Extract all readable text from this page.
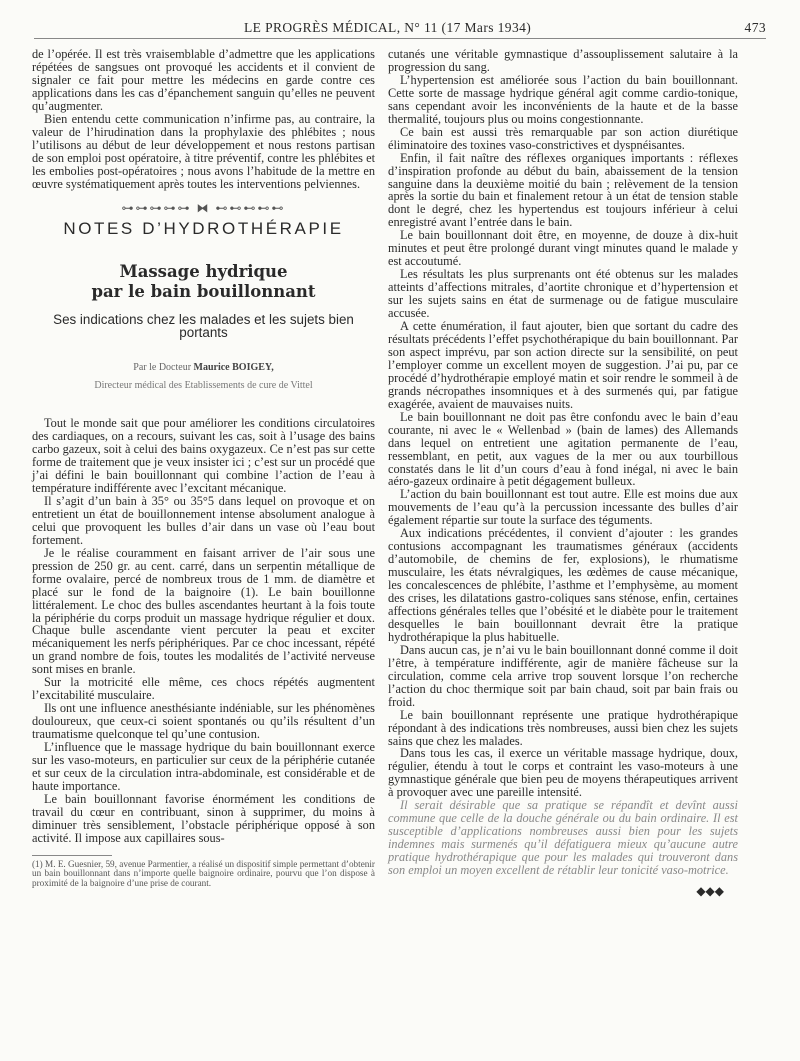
LE PROGRÈS MÉDICAL, N° 11 (17 Mars 1934)	473

de l’opérée. Il est très vraisemblable d’admettre que les applications répétées de sangsues ont provoqué les accidents et il convient de signaler ce fait pour mettre les médecins en garde contre ces applications dans les cas d’épanchement sanguin qu’elles ne peuvent qu’augmenter.

Bien entendu cette communication n’infirme pas, au contraire, la valeur de l’hirudination dans la prophylaxie des phlébites ; nous l’utilisons au début de leur développement et nous restons partisan de son emploi post opératoire, à titre préventif, contre les phlébites et les embolies post-opératoires ; nous avons l’habitude de la mettre en œuvre systématiquement après toutes les interventions pelviennes.

⊶⊶⊶⊶⊶ ⧓ ⊷⊷⊷⊷⊷
NOTES D’HYDROTHÉRAPIE
Massage hydrique
par le bain bouillonnant
Ses indications chez les malades et les sujets bien portants
Par le Docteur Maurice BOIGEY,
Directeur médical des Etablissements de cure de Vittel

Tout le monde sait que pour améliorer les conditions circulatoires des cardiaques, on a recours, suivant les cas, soit à l’usage des bains carbo gazeux, soit à celui des bains oxygazeux. Ce n’est pas sur cette forme de traitement que je veux insister ici ; c’est sur un procédé que j’ai défini le bain bouillonnant qui combine l’action de l’eau à température indifférente avec l’excitant mécanique.

Il s’agit d’un bain à 35° ou 35°5 dans lequel on provoque et on entretient un état de bouillonnement intense absolument analogue à celui que provoquent les bulles d’air dans un vase où l’eau bout fortement.

Je le réalise couramment en faisant arriver de l’air sous une pression de 250 gr. au cent. carré, dans un serpentin métallique de forme ovalaire, percé de nombreux trous de 1 mm. de diamètre et placé sur le fond de la baignoire (1). Le bain bouillonne littéralement. Le choc des bulles ascendantes heurtant à la fois toute la périphérie du corps produit un massage hydrique régulier et doux. Chaque bulle ascendante vient percuter la peau et exciter mécaniquement les nerfs périphériques. Par ce choc incessant, répété un grand nombre de fois, toutes les modalités de l’activité nerveuse sont mises en branle.

Sur la motricité elle même, ces chocs répétés augmentent l’excitabilité musculaire.

Ils ont une influence anesthésiante indéniable, sur les phénomènes douloureux, que ceux-ci soient spontanés ou qu’ils résultent d’un traumatisme quelconque tel qu’une contusion.

L’influence que le massage hydrique du bain bouillonnant exerce sur les vaso-moteurs, en particulier sur ceux de la périphérie cutanée et sur ceux de la circulation intra-abdominale, est considérable et de haute importance.

Le bain bouillonnant favorise énormément les conditions de travail du cœur en contribuant, sinon à supprimer, du moins à diminuer très sensiblement, l’obstacle périphérique opposé à son activité. Il impose aux capillaires sous-

(1) M. E. Guesnier, 59, avenue Parmentier, a réalisé un dispositif simple permettant d’obtenir un bain bouillonnant dans n’importe quelle baignoire ordinaire, pourvu que l’on dispose à proximité de la baignoire d’une prise de courant.

cutanés une véritable gymnastique d’assouplissement salutaire à la progression du sang.

L’hypertension est améliorée sous l’action du bain bouillonnant. Cette sorte de massage hydrique général agit comme cardio-tonique, sans cependant avoir les inconvénients de la haute et de la basse thermalité, toujours plus ou moins congestionnante.

Ce bain est aussi très remarquable par son action diurétique éliminatoire des toxines vaso-constrictives et dyspnéisantes.

Enfin, il fait naître des réflexes organiques importants : réflexes d’inspiration profonde au début du bain, abaissement de la tension sanguine dans la deuxième moitié du bain ; relèvement de la tension après la sortie du bain et finalement retour à un état de tension stable dont le degré, chez les hypertendus est toujours inférieur à celui enregistré avant l’entrée dans le bain.

Le bain bouillonnant doit être, en moyenne, de douze à dix-huit minutes et peut être prolongé durant vingt minutes quand le malade y est accoutumé.

Les résultats les plus surprenants ont été obtenus sur les malades atteints d’affections mitrales, d’aortite chronique et d’hypertension et sur les sujets sains en état de surmenage ou de fatigue musculaire accusée.

A cette énumération, il faut ajouter, bien que sortant du cadre des résultats précédents l’effet psychothérapique du bain bouillonnant. Par son aspect imprévu, par son action directe sur la sensibilité, on peut l’employer comme un excellent moyen de suggestion. J’ai pu, par ce procédé d’hydrothérapie employé matin et soir rendre le sommeil à de grands nécropathes insomniques et à des surmenés qui, par fatigue exagérée, avaient de mauvaises nuits.

Le bain bouillonnant ne doit pas être confondu avec le bain d’eau courante, ni avec le « Wellenbad » (bain de lames) des Allemands dans lequel on entretient une agitation permanente de l’eau, ressemblant, en petit, aux vagues de la mer ou aux tourbillous constatés dans le lit d’un cours d’eau à fond inégal, ni avec le bain aéro-gazeux ordinaire à petit dégagement bulleux.

L’action du bain bouillonnant est tout autre. Elle est moins due aux mouvements de l’eau qu’à la percussion incessante des bulles d’air également répartie sur toute la surface des téguments.

Aux indications précédentes, il convient d’ajouter : les grandes contusions accompagnant les traumatismes généraux (accidents d’automobile, de chemins de fer, explosions), le rhumatisme musculaire, les états névralgiques, les œdèmes de cause mécanique, les concalescences de phlébite, l’asthme et l’emphysème, au moment des crises, les dilatations gastro-coliques sans sténose, enfin, certaines affections générales telles que l’obésité et le diabète pour le traitement desquelles le bain bouillonnant devrait être la pratique hydrothérapique la plus habituelle.

Dans aucun cas, je n’ai vu le bain bouillonnant donné comme il doit l’être, à température indifférente, agir de manière fâcheuse sur la circulation, comme cela arrive trop souvent lorsque l’on recherche l’action du choc thermique soit par bain chaud, soit par bain frais ou froid.

Le bain bouillonnant représente une pratique hydrothérapique répondant à des indications très nombreuses, aussi bien chez les sujets sains que chez les malades.

Dans tous les cas, il exerce un véritable massage hydrique, doux, régulier, étendu à tout le corps et contraint les vaso-moteurs à une gymnastique générale que bien peu de moyens thérapeutiques arrivent à provoquer avec une pareille intensité.

Il serait désirable que sa pratique se répandît et devînt aussi commune que celle de la douche générale ou du bain ordinaire. Il est susceptible d’applications nombreuses aussi bien pour les sujets indemnes mais surmenés qu’il défatiguera mieux qu’aucune autre pratique hydrothérapique que pour les malades qui trouveront dans son emploi un moyen excellent de rétablir leur tonicité vaso-motrice.

◆◆◆
